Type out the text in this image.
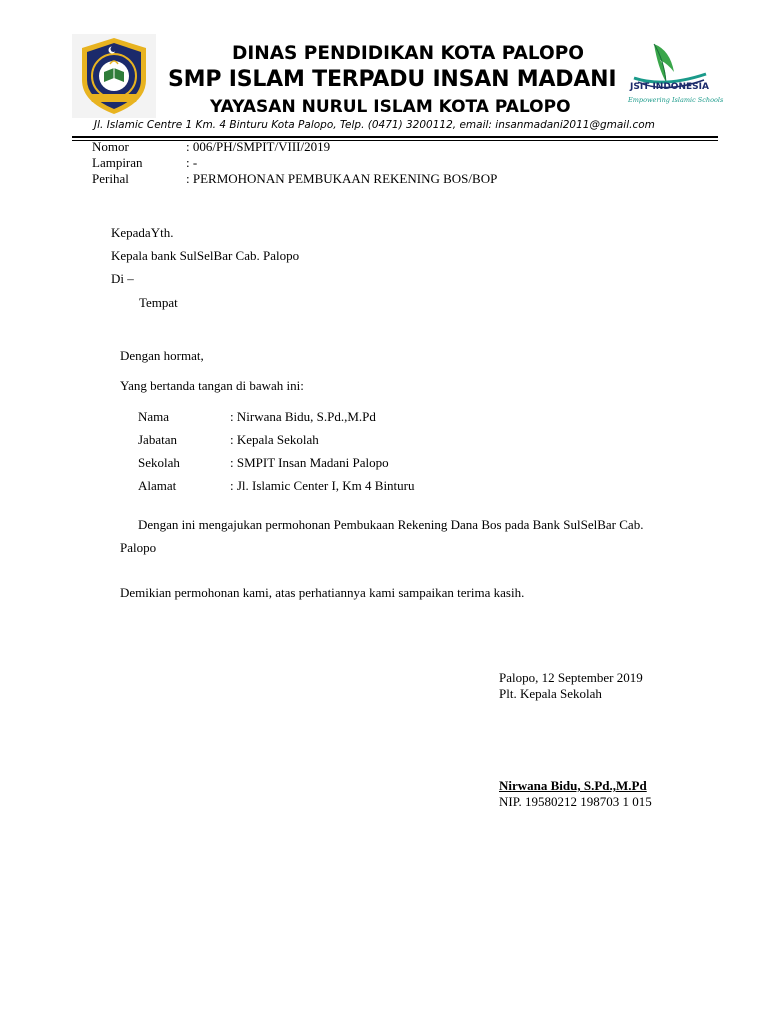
DINAS PENDIDIKAN KOTA PALOPO
SMP ISLAM TERPADU INSAN MADANI
YAYASAN NURUL ISLAM KOTA PALOPO
JSIT INDONESIA
Empowering Islamic Schools
Jl. Islamic Centre 1 Km. 4 Binturu Kota Palopo, Telp. (0471) 3200112, email: insanmadani2011@gmail.com
Nomor	: 006/PH/SMPIT/VIII/2019
Lampiran	: -
Perihal	: PERMOHONAN PEMBUKAAN REKENING BOS/BOP
KepadaYth.
Kepala bank SulSelBar Cab. Palopo
Di –
Tempat
Dengan hormat,
Yang bertanda tangan di bawah ini:
Nama	: Nirwana Bidu, S.Pd.,M.Pd
Jabatan	: Kepala Sekolah
Sekolah	: SMPIT Insan Madani Palopo
Alamat	: Jl. Islamic Center I, Km 4 Binturu
Dengan ini mengajukan permohonan Pembukaan Rekening Dana Bos pada Bank SulSelBar Cab.
Palopo
Demikian permohonan kami, atas perhatiannya kami sampaikan terima kasih.
Palopo, 12 September 2019
Plt. Kepala Sekolah
Nirwana Bidu, S.Pd.,M.Pd
NIP. 19580212 198703 1 015
